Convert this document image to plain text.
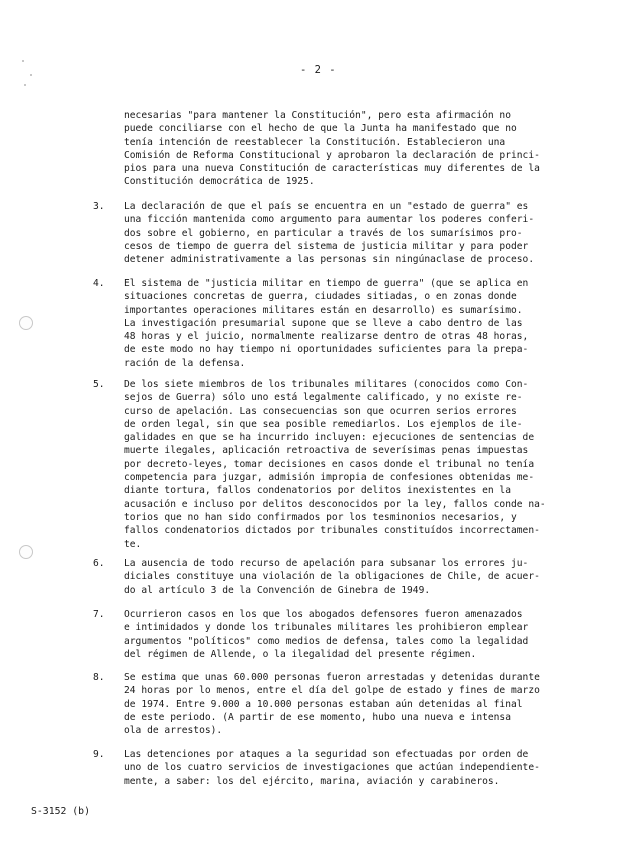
- 2 -
necesarias "para mantener la Constitución", pero esta afirmación no
puede conciliarse con el hecho de que la Junta ha manifestado que no
tenía intención de reestablecer la Constitución. Establecieron una
Comisión de Reforma Constitucional y aprobaron la declaración de princi-
pios para una nueva Constitución de características muy diferentes de la
Constitución democrática de 1925.
3. La declaración de que el país se encuentra en un "estado de guerra" es
una ficción mantenida como argumento para aumentar los poderes conferi-
dos sobre el gobierno, en particular a través de los sumarísimos pro-
cesos de tiempo de guerra del sistema de justicia militar y para poder
detener administrativamente a las personas sin ningúnaclase de proceso.
4. El sistema de "justicia militar en tiempo de guerra" (que se aplica en
situaciones concretas de guerra, ciudades sitiadas, o en zonas donde
importantes operaciones militares están en desarrollo) es sumarísimo.
La investigación presumarial supone que se lleve a cabo dentro de las
48 horas y el juicio, normalmente realizarse dentro de otras 48 horas,
de este modo no hay tiempo ni oportunidades suficientes para la prepa-
ración de la defensa.
5. De los siete miembros de los tribunales militares (conocidos como Con-
sejos de Guerra) sólo uno está legalmente calificado, y no existe re-
curso de apelación. Las consecuencias son que ocurren serios errores
de orden legal, sin que sea posible remediarlos. Los ejemplos de ile-
galidades en que se ha incurrido incluyen: ejecuciones de sentencias de
muerte ilegales, aplicación retroactiva de severísimas penas impuestas
por decreto-leyes, tomar decisiones en casos donde el tribunal no tenía
competencia para juzgar, admisión impropia de confesiones obtenidas me-
diante tortura, fallos condenatorios por delitos inexistentes en la
acusación e incluso por delitos desconocidos por la ley, fallos conde na-
torios que no han sido confirmados por los tesminonios necesarios, y
fallos condenatorios dictados por tribunales constituídos incorrectamen-
te.
6. La ausencia de todo recurso de apelación para subsanar los errores ju-
diciales constituye una violación de la obligaciones de Chile, de acuer-
do al artículo 3 de la Convención de Ginebra de 1949.
7. Ocurrieron casos en los que los abogados defensores fueron amenazados
e intimidados y donde los tribunales militares les prohibieron emplear
argumentos "políticos" como medios de defensa, tales como la legalidad
del régimen de Allende, o la ilegalidad del presente régimen.
8. Se estima que unas 60.000 personas fueron arrestadas y detenidas durante
24 horas por lo menos, entre el día del golpe de estado y fines de marzo
de 1974. Entre 9.000 a 10.000 personas estaban aún detenidas al final
de este periodo. (A partir de ese momento, hubo una nueva e intensa
ola de arrestos).
9. Las detenciones por ataques a la seguridad son efectuadas por orden de
uno de los cuatro servicios de investigaciones que actúan independiente-
mente, a saber: los del ejército, marina, aviación y carabineros.
S-3152 (b)
